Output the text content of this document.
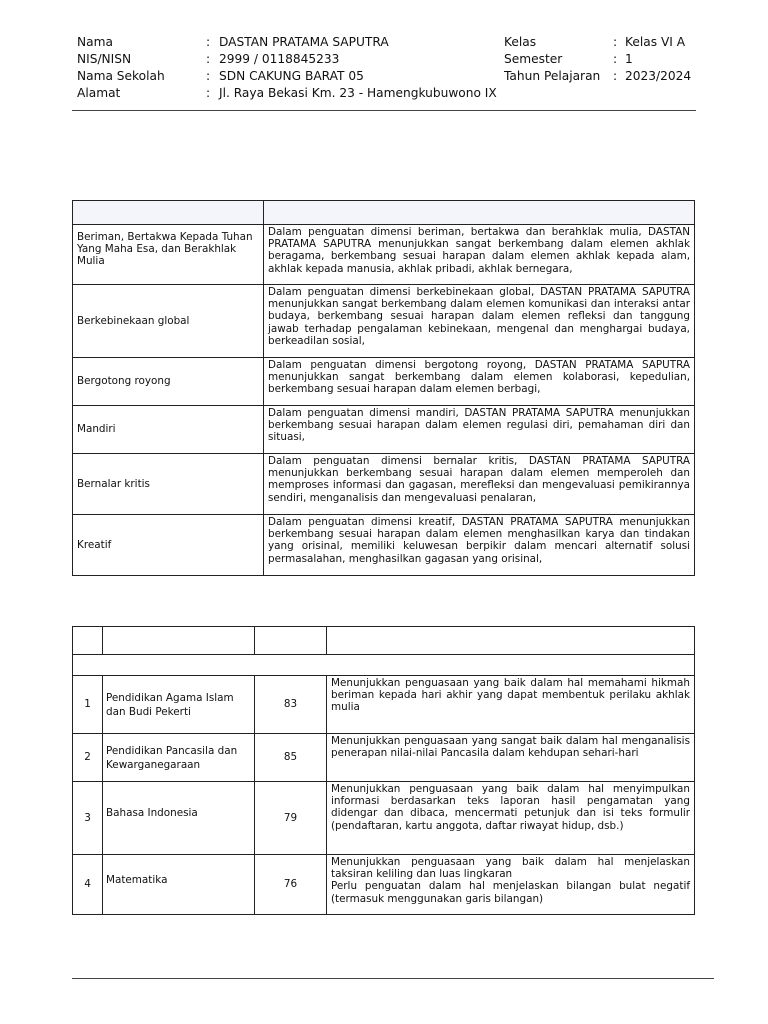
Nama	: DASTAN PRATAMA SAPUTRA	Kelas	: Kelas VI A
NIS/NISN	: 2999 / 0118845233	Semester	: 1
Nama Sekolah	: SDN CAKUNG BARAT 05	Tahun Pelajaran : 2023/2024
Alamat	: Jl. Raya Bekasi Km. 23 - Hamengkubuwono IX

Beriman, Bertakwa Kepada Tuhan Yang Maha Esa, dan Berakhlak Mulia	Dalam penguatan dimensi beriman, bertakwa dan berahklak mulia, DASTAN PRATAMA SAPUTRA menunjukkan sangat berkembang dalam elemen akhlak beragama, berkembang sesuai harapan dalam elemen akhlak kepada alam, akhlak kepada manusia, akhlak pribadi, akhlak bernegara,
Berkebinekaan global	Dalam penguatan dimensi berkebinekaan global, DASTAN PRATAMA SAPUTRA menunjukkan sangat berkembang dalam elemen komunikasi dan interaksi antar budaya, berkembang sesuai harapan dalam elemen refleksi dan tanggung jawab terhadap pengalaman kebinekaan, mengenal dan menghargai budaya, berkeadilan sosial,
Bergotong royong	Dalam penguatan dimensi bergotong royong, DASTAN PRATAMA SAPUTRA menunjukkan sangat berkembang dalam elemen kolaborasi, kepedulian, berkembang sesuai harapan dalam elemen berbagi,
Mandiri	Dalam penguatan dimensi mandiri, DASTAN PRATAMA SAPUTRA menunjukkan berkembang sesuai harapan dalam elemen regulasi diri, pemahaman diri dan situasi,
Bernalar kritis	Dalam penguatan dimensi bernalar kritis, DASTAN PRATAMA SAPUTRA menunjukkan berkembang sesuai harapan dalam elemen memperoleh dan memproses informasi dan gagasan, merefleksi dan mengevaluasi pemikirannya sendiri, menganalisis dan mengevaluasi penalaran,
Kreatif	Dalam penguatan dimensi kreatif, DASTAN PRATAMA SAPUTRA menunjukkan berkembang sesuai harapan dalam elemen menghasilkan karya dan tindakan yang orisinal, memiliki keluwesan berpikir dalam mencari alternatif solusi permasalahan, menghasilkan gagasan yang orisinal,

1	Pendidikan Agama Islam dan Budi Pekerti	83	Menunjukkan penguasaan yang baik dalam hal memahami hikmah beriman kepada hari akhir yang dapat membentuk perilaku akhlak mulia

2	Pendidikan Pancasila dan Kewarganegaraan	85	Menunjukkan penguasaan yang sangat baik dalam hal menganalisis penerapan nilai-nilai Pancasila dalam kehdupan sehari-hari

3	Bahasa Indonesia	79	Menunjukkan penguasaan yang baik dalam hal menyimpulkan informasi berdasarkan teks laporan hasil pengamatan yang didengar dan dibaca, mencermati petunjuk dan isi teks formulir (pendaftaran, kartu anggota, daftar riwayat hidup, dsb.)

4	Matematika	76	Menunjukkan penguasaan yang baik dalam hal menjelaskan taksiran keliling dan luas lingkaran
Perlu penguatan dalam hal menjelaskan bilangan bulat negatif (termasuk menggunakan garis bilangan)
